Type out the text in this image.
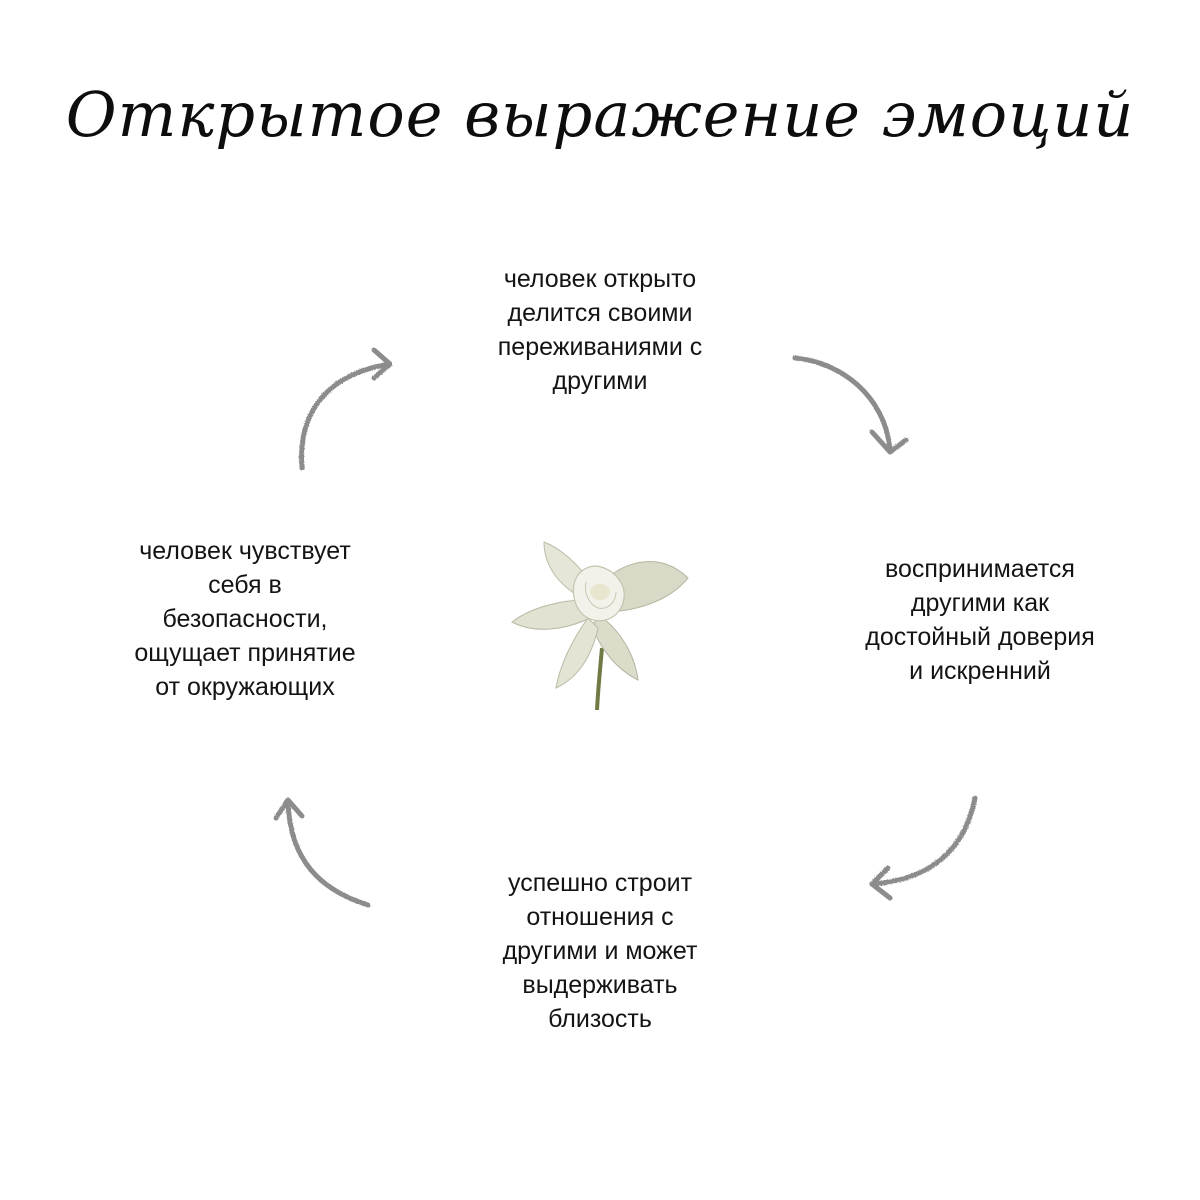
Открытое выражение эмоций
человек открыто
делится своими
переживаниями с
другими
воспринимается
другими как
достойный доверия
и искренний
успешно строит
отношения с
другими и может
выдерживать
близость
человек чувствует
себя в
безопасности,
ощущает принятие
от окружающих
